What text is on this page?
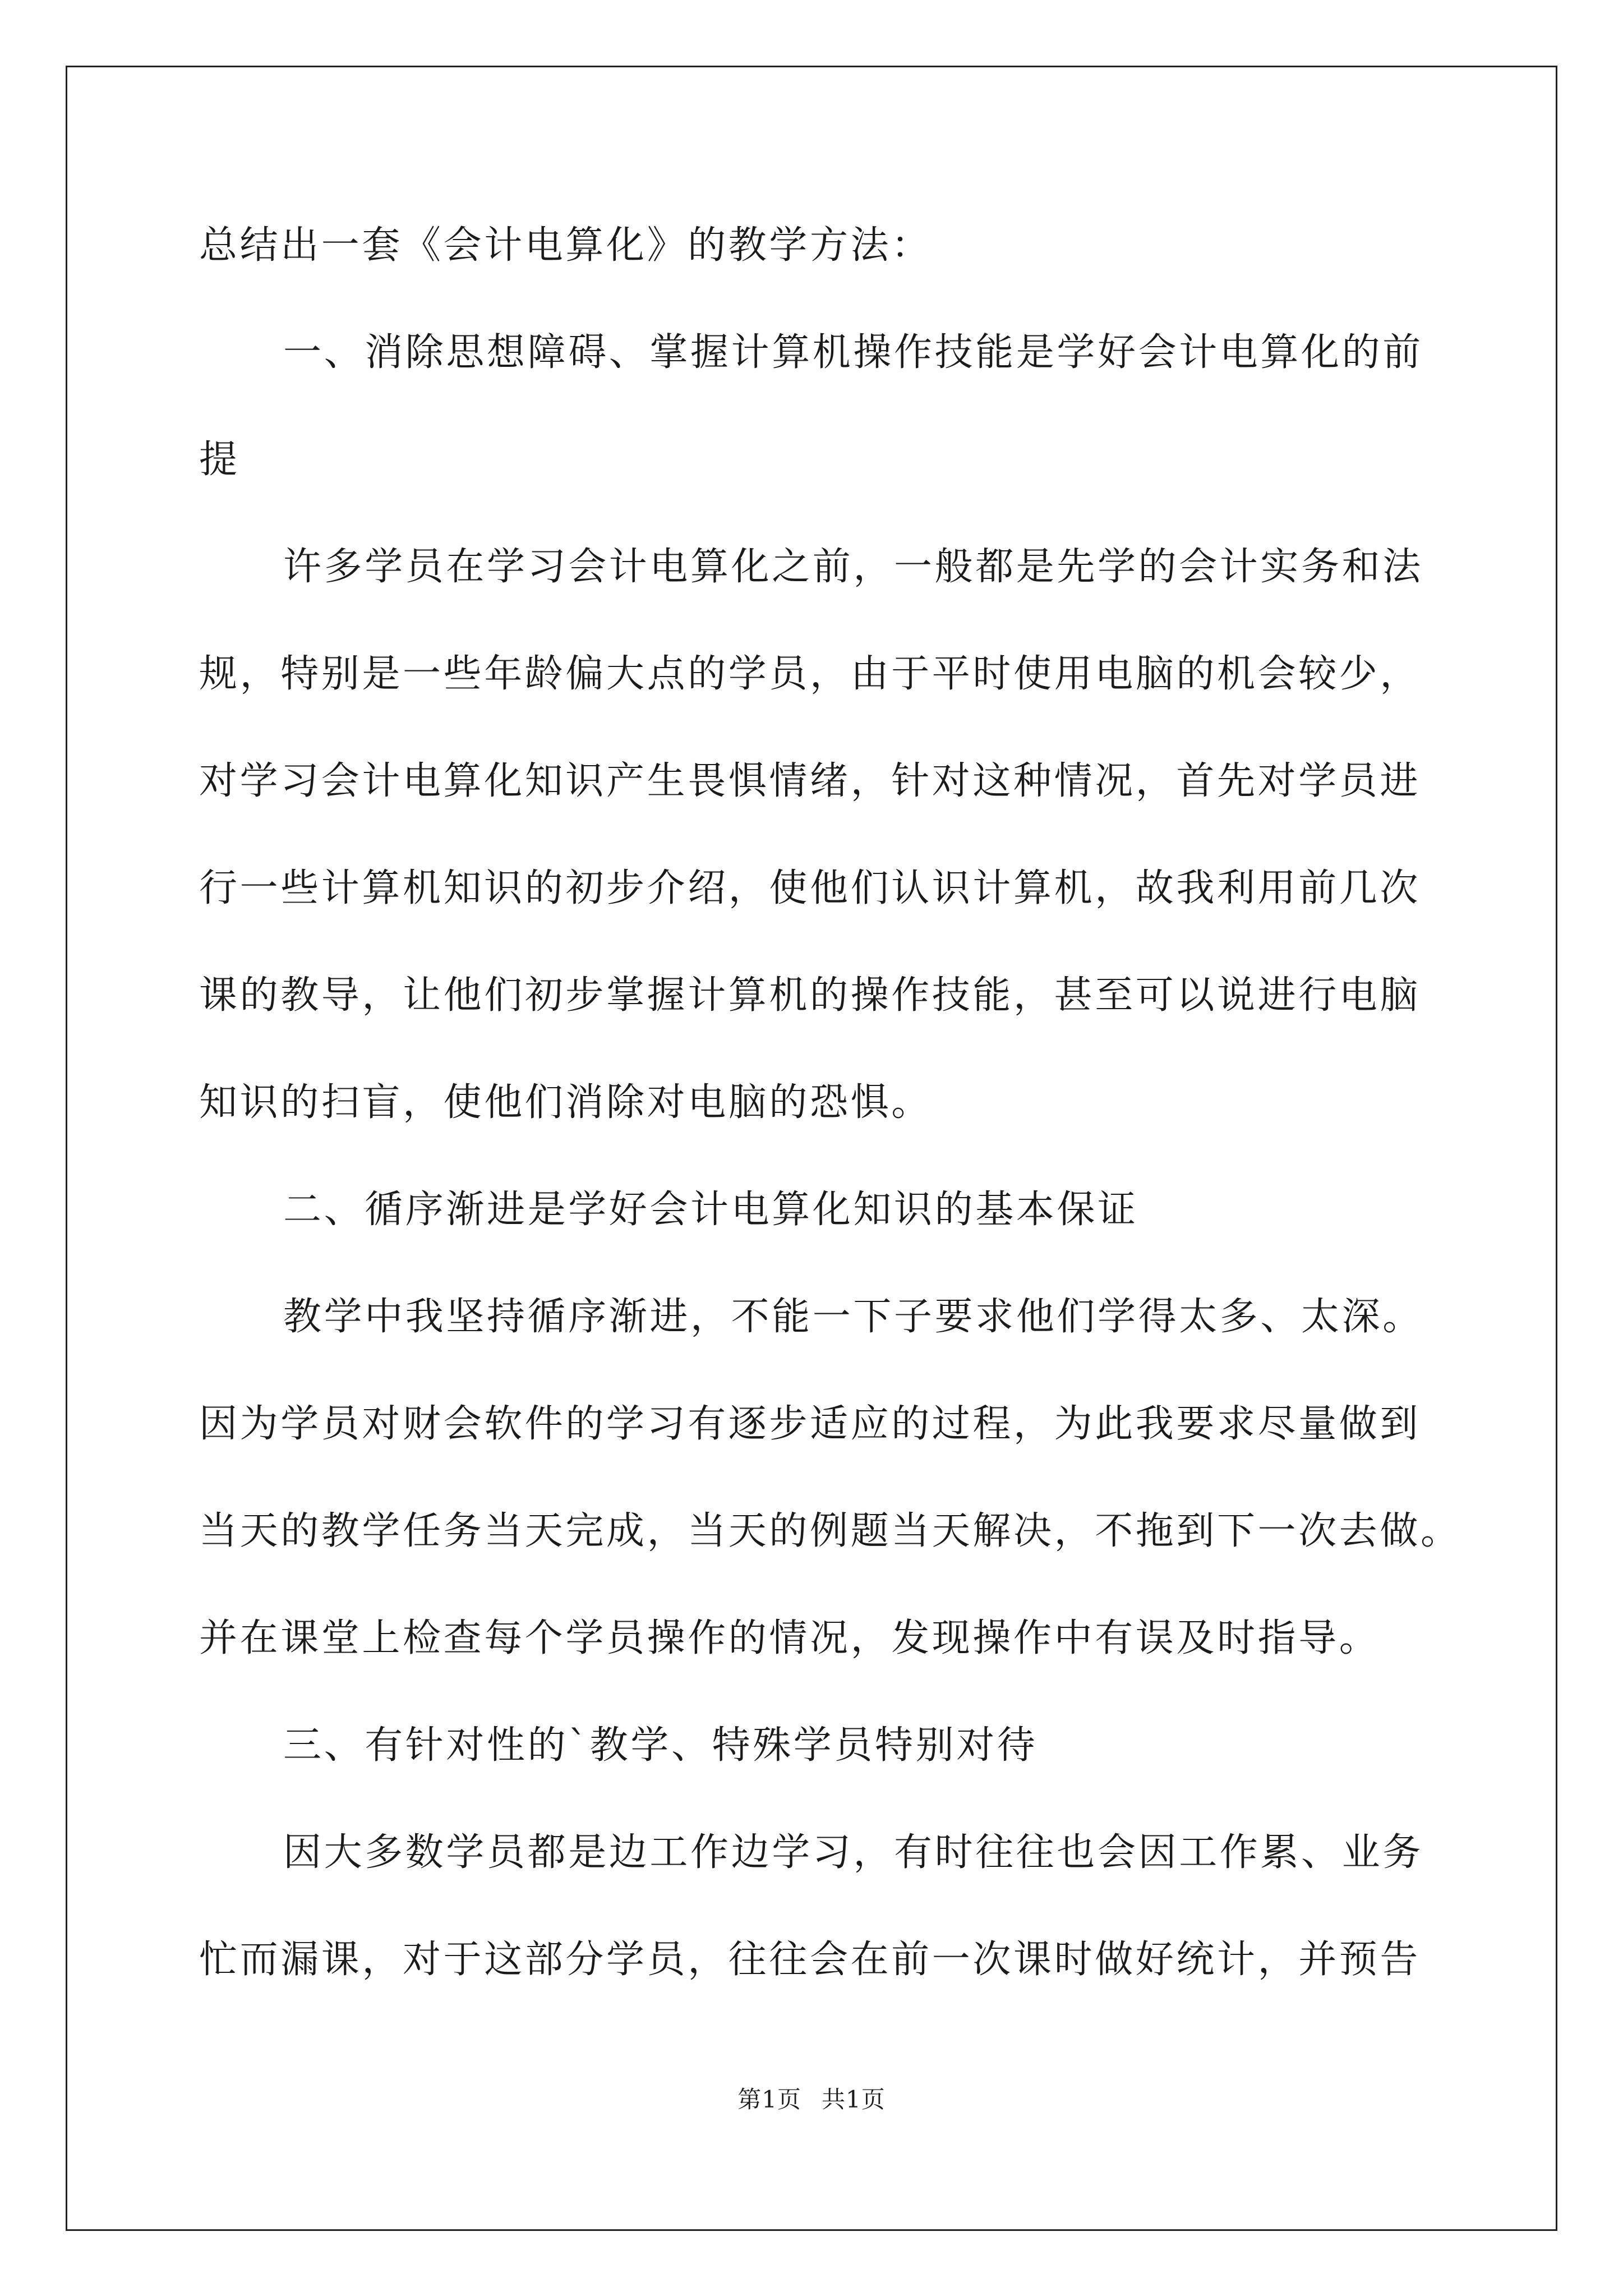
总结出一套《会计电算化》的教学方法：
一、消除思想障碍、掌握计算机操作技能是学好会计电算化的前
提
许多学员在学习会计电算化之前，一般都是先学的会计实务和法
规，特别是一些年龄偏大点的学员，由于平时使用电脑的机会较少，
对学习会计电算化知识产生畏惧情绪，针对这种情况，首先对学员进
行一些计算机知识的初步介绍，使他们认识计算机，故我利用前几次
课的教导，让他们初步掌握计算机的操作技能，甚至可以说进行电脑
知识的扫盲，使他们消除对电脑的恐惧。
二、循序渐进是学好会计电算化知识的基本保证
教学中我坚持循序渐进，不能一下子要求他们学得太多、太深。
因为学员对财会软件的学习有逐步适应的过程，为此我要求尽量做到
当天的教学任务当天完成，当天的例题当天解决，不拖到下一次去做。
并在课堂上检查每个学员操作的情况，发现操作中有误及时指导。
三、有针对性的`教学、特殊学员特别对待
因大多数学员都是边工作边学习，有时往往也会因工作累、业务
忙而漏课，对于这部分学员，往往会在前一次课时做好统计，并预告
第1页 共1页
